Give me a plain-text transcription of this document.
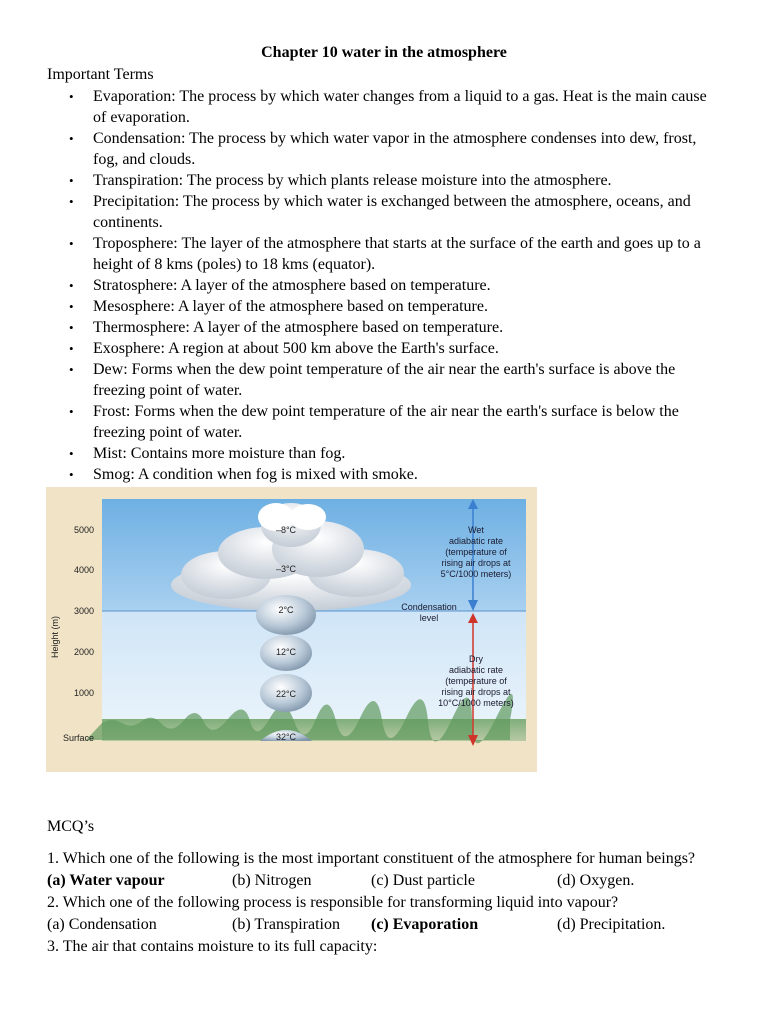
Chapter 10 water in the atmosphere
Important Terms
• Evaporation: The process by which water changes from a liquid to a gas. Heat is the main cause of evaporation.
• Condensation: The process by which water vapor in the atmosphere condenses into dew, frost, fog, and clouds.
• Transpiration: The process by which plants release moisture into the atmosphere.
• Precipitation: The process by which water is exchanged between the atmosphere, oceans, and continents.
• Troposphere: The layer of the atmosphere that starts at the surface of the earth and goes up to a height of 8 kms (poles) to 18 kms (equator).
• Stratosphere: A layer of the atmosphere based on temperature.
• Mesosphere: A layer of the atmosphere based on temperature.
• Thermosphere: A layer of the atmosphere based on temperature.
• Exosphere: A region at about 500 km above the Earth's surface.
• Dew: Forms when the dew point temperature of the air near the earth's surface is above the freezing point of water.
• Frost: Forms when the dew point temperature of the air near the earth's surface is below the freezing point of water.
• Mist: Contains more moisture than fog.
• Smog: A condition when fog is mixed with smoke.
5000
4000
3000
2000
1000
Surface
Height (m)
–8°C
–3°C
2°C
12°C
22°C
32°C
Wet
adiabatic rate
(temperature of
rising air drops at
5°C/1000 meters)
Condensation
level
Dry
adiabatic rate
(temperature of
rising air drops at
10°C/1000 meters)
MCQ’s
1. Which one of the following is the most important constituent of the atmosphere for human beings?
(a) Water vapour	(b) Nitrogen	(c) Dust particle	(d) Oxygen.
2. Which one of the following process is responsible for transforming liquid into vapour?
(a) Condensation	(b) Transpiration (c) Evaporation	(d) Precipitation.
3. The air that contains moisture to its full capacity:
